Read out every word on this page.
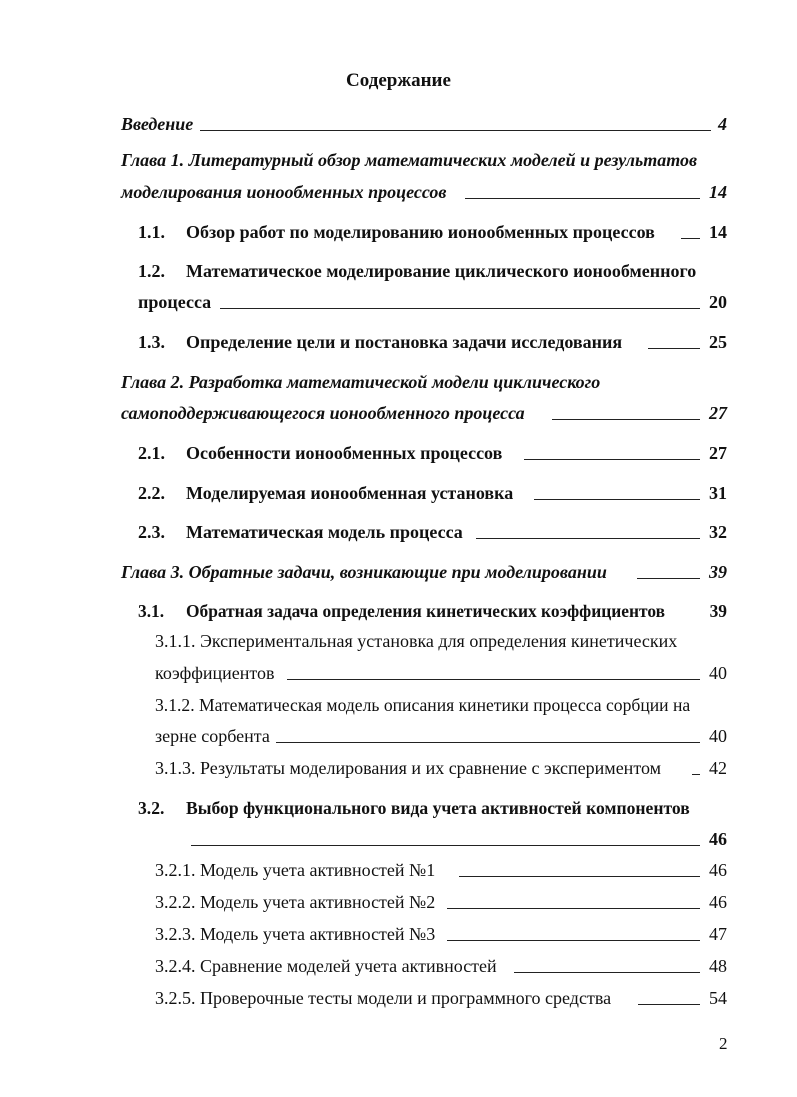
Содержание
Введение	4
Глава 1. Литературный обзор математических моделей и результатов
моделирования ионообменных процессов	14
1.1. Обзор работ по моделированию ионообменных процессов	14
1.2. Математическое моделирование циклического ионообменного
процесса	20
1.3. Определение цели и постановка задачи исследования	25
Глава 2. Разработка математической модели циклического
самоподдерживающегося ионообменного процесса	27
2.1. Особенности ионообменных процессов	27
2.2. Моделируемая ионообменная установка	31
2.3. Математическая модель процесса	32
Глава 3. Обратные задачи, возникающие при моделировании	39
3.1. Обратная задача определения кинетических коэффициентов	39
3.1.1. Экспериментальная установка для определения кинетических
коэффициентов	40
3.1.2. Математическая модель описания кинетики процесса сорбции на
зерне сорбента	40
3.1.3. Результаты моделирования и их сравнение с экспериментом	42
3.2. Выбор функционального вида учета активностей компонентов
46
3.2.1. Модель учета активностей №1	46
3.2.2. Модель учета активностей №2	46
3.2.3. Модель учета активностей №3	47
3.2.4. Сравнение моделей учета активностей	48
3.2.5. Проверочные тесты модели и программного средства	54
2
